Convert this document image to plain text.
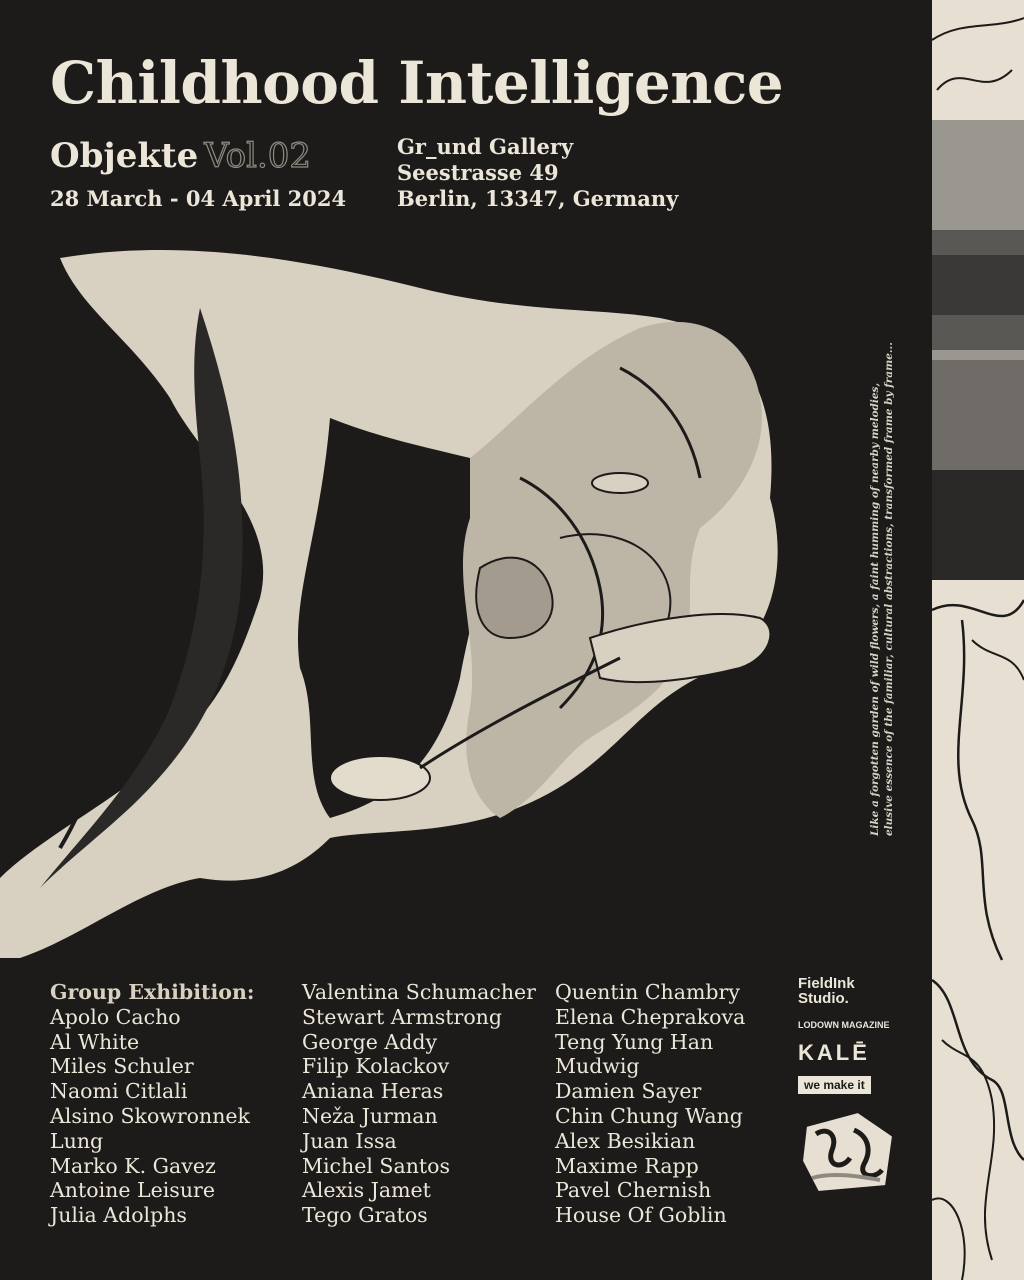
Childhood Intelligence
Objekte Vol.02
28 March - 04 April 2024
Gr_und Gallery
Seestrasse 49
Berlin, 13347, Germany

Like a forgotten garden of wild flowers, a faint humming of nearby melodies, elusive essence of the familiar, cultural abstractions, transformed frame by frame...

Group Exhibition:
Apolo Cacho
Al White
Miles Schuler
Naomi Citlali
Alsino Skowronnek
Lung
Marko K. Gavez
Antoine Leisure
Julia Adolphs
Valentina Schumacher
Stewart Armstrong
George Addy
Filip Kolackov
Aniana Heras
Neža Jurman
Juan Issa
Michel Santos
Alexis Jamet
Tego Gratos
Quentin Chambry
Elena Cheprakova
Teng Yung Han
Mudwig
Damien Sayer
Chin Chung Wang
Alex Besikian
Maxime Rapp
Pavel Chernish
House Of Goblin
FieldInk
Studio.
LODOWN MAGAZINE
KALĒ
we make it
